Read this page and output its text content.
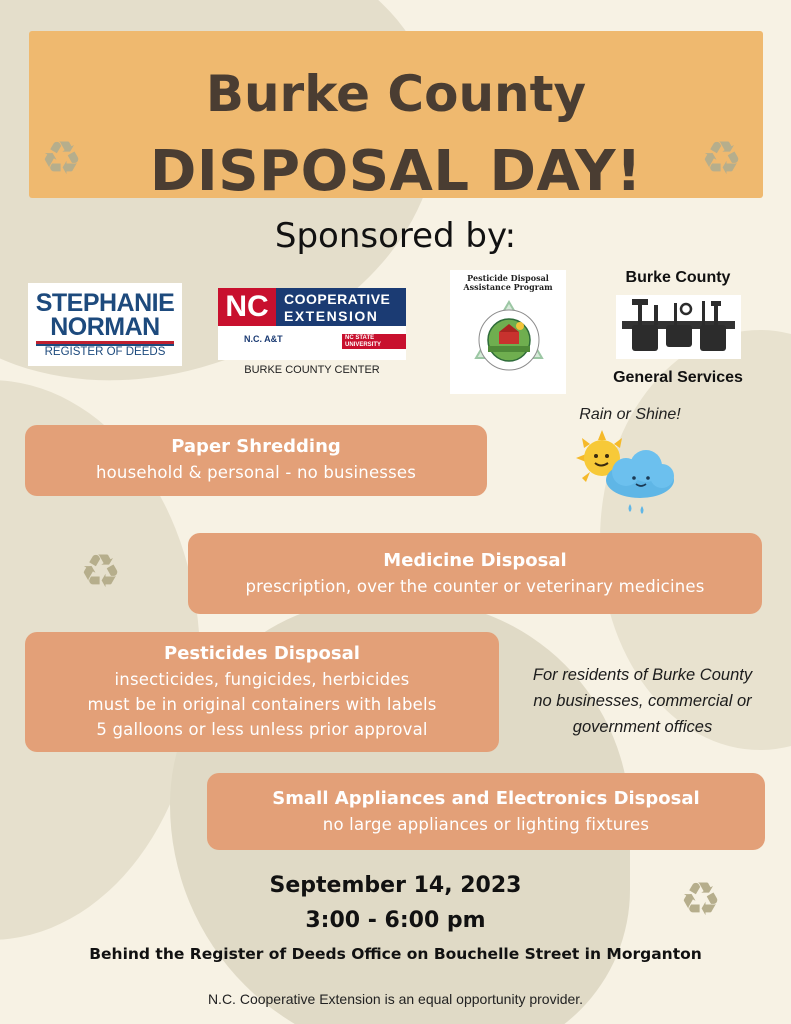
Burke County
DISPOSAL DAY!
♻	♻
Sponsored by:
STEPHANIE
NORMAN
REGISTER OF DEEDS
NC	COOPERATIVE
EXTENSION
N.C. A&T	NC STATE UNIVERSITY
BURKE COUNTY CENTER
Pesticide Disposal
Assistance Program
Burke County
General Services
Rain or Shine!
Paper Shredding
household & personal - no businesses
Medicine Disposal
prescription, over the counter or veterinary medicines
Pesticides Disposal
insecticides, fungicides, herbicides
must be in original containers with labels
5 galloons or less unless prior approval
Small Appliances and Electronics Disposal
no large appliances or lighting fixtures
♻
♻
For residents of Burke County
no businesses, commercial or
government offices
September 14, 2023
3:00 - 6:00 pm
Behind the Register of Deeds Office on Bouchelle Street in Morganton
N.C. Cooperative Extension is an equal opportunity provider.
